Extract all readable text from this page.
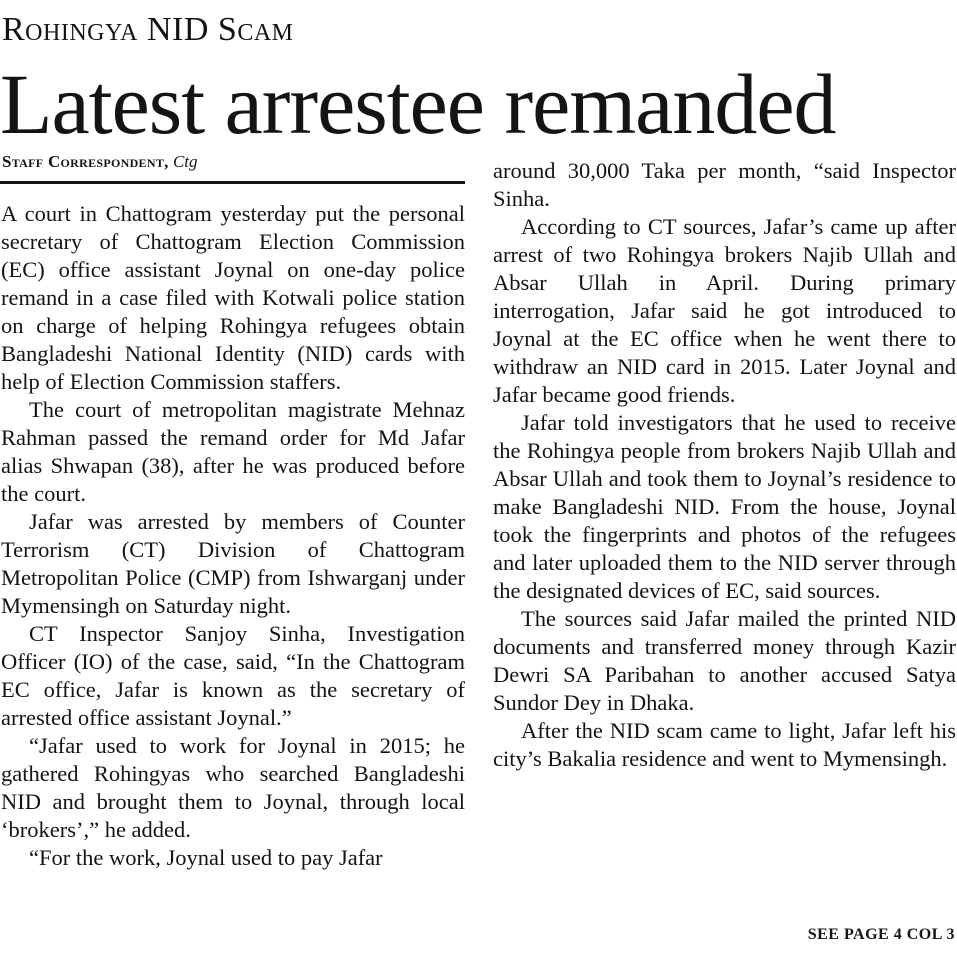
Rohingya NID Scam
Latest arrestee remanded
Staff Correspondent, Ctg

A court in Chattogram yesterday put the personal secretary of Chattogram Election Commission (EC) office assistant Joynal on one-day police remand in a case filed with Kotwali police station on charge of helping Rohingya refugees obtain Bangladeshi National Identity (NID) cards with help of Election Commission staffers.

The court of metropolitan magistrate Mehnaz Rahman passed the remand order for Md Jafar alias Shwapan (38), after he was produced before the court.

Jafar was arrested by members of Counter Terrorism (CT) Division of Chattogram Metropolitan Police (CMP) from Ishwarganj under Mymensingh on Saturday night.

CT Inspector Sanjoy Sinha, Investigation Officer (IO) of the case, said, “In the Chattogram EC office, Jafar is known as the secretary of arrested office assistant Joynal.”

“Jafar used to work for Joynal in 2015; he gathered Rohingyas who searched Bangladeshi NID and brought them to Joynal, through local ‘brokers’,” he added.

“For the work, Joynal used to pay Jafar

around 30,000 Taka per month, “said Inspector Sinha.

According to CT sources, Jafar’s came up after arrest of two Rohingya brokers Najib Ullah and Absar Ullah in April. During primary interrogation, Jafar said he got introduced to Joynal at the EC office when he went there to withdraw an NID card in 2015. Later Joynal and Jafar became good friends.

Jafar told investigators that he used to receive the Rohingya people from brokers Najib Ullah and Absar Ullah and took them to Joynal’s residence to make Bangladeshi NID. From the house, Joynal took the fingerprints and photos of the refugees and later uploaded them to the NID server through the designated devices of EC, said sources.

The sources said Jafar mailed the printed NID documents and transferred money through Kazir Dewri SA Paribahan to another accused Satya Sundor Dey in Dhaka.

After the NID scam came to light, Jafar left his city’s Bakalia residence and went to Mymensingh.

SEE PAGE 4 COL 3
